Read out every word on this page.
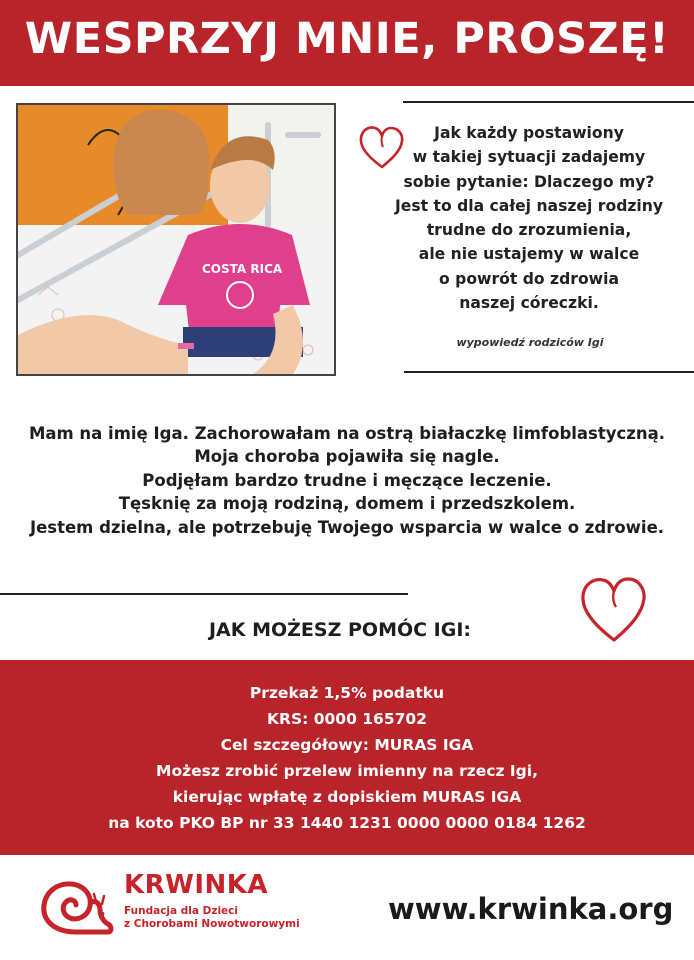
WESPRZYJ MNIE, PROSZĘ!
COSTA RICA
Jak każdy postawiony
w takiej sytuacji zadajemy
sobie pytanie: Dlaczego my?
Jest to dla całej naszej rodziny
trudne do zrozumienia,
ale nie ustajemy w walce
o powrót do zdrowia
naszej córeczki.
wypowiedź rodziców Igi
Mam na imię Iga. Zachorowałam na ostrą białaczkę limfoblastyczną.
Moja choroba pojawiła się nagle.
Podjęłam bardzo trudne i męczące leczenie.
Tęsknię za moją rodziną, domem i przedszkolem.
Jestem dzielna, ale potrzebuję Twojego wsparcia w walce o zdrowie.
JAK MOŻESZ POMÓC IGI:
Przekaż 1,5% podatku
KRS: 0000 165702
Cel szczegółowy: MURAS IGA
Możesz zrobić przelew imienny na rzecz Igi,
kierując wpłatę z dopiskiem MURAS IGA
na koto PKO BP nr 33 1440 1231 0000 0000 0184 1262
KRWINKA
Fundacja dla Dzieci
z Chorobami Nowotworowymi	www.krwinka.org
